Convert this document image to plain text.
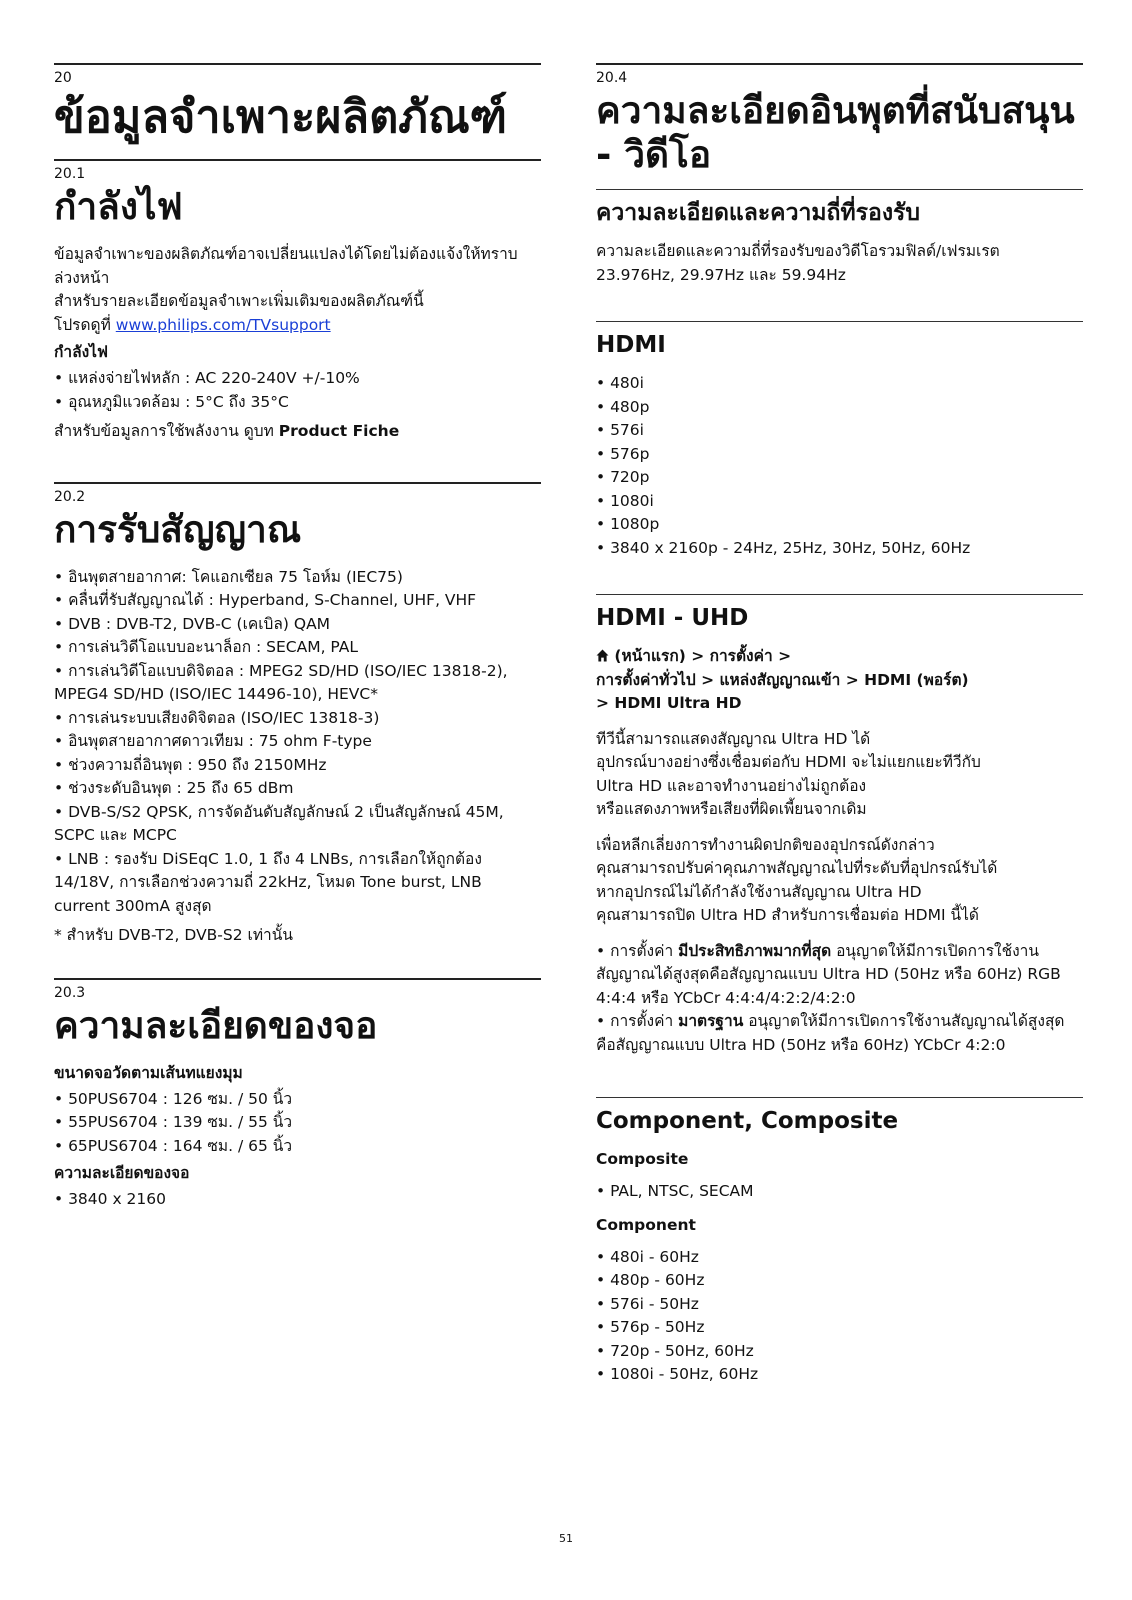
20
ข้อมูลจำเพาะผลิตภัณฑ์
20.1
กำลังไฟ

ข้อมูลจำเพาะของผลิตภัณฑ์อาจเปลี่ยนแปลงได้โดยไม่ต้องแจ้งให้ทราบล่วงหน้า

สำหรับรายละเอียดข้อมูลจำเพาะเพิ่มเติมของผลิตภัณฑ์นี้

โปรดดูที่ www.philips.com/TVsupport

กำลังไฟ
• แหล่งจ่ายไฟหลัก : AC 220-240V +/-10%
• อุณหภูมิแวดล้อม : 5°C ถึง 35°C

สำหรับข้อมูลการใช้พลังงาน ดูบท Product Fiche

20.2
การรับสัญญาณ
• อินพุตสายอากาศ: โคแอกเซียล 75 โอห์ม (IEC75)
• คลื่นที่รับสัญญาณได้ : Hyperband, S-Channel, UHF, VHF
• DVB : DVB-T2, DVB-C (เคเบิล) QAM
• การเล่นวิดีโอแบบอะนาล็อก : SECAM, PAL
• การเล่นวิดีโอแบบดิจิตอล : MPEG2 SD/HD (ISO/IEC 13818-2), MPEG4 SD/HD (ISO/IEC 14496-10), HEVC*
• การเล่นระบบเสียงดิจิตอล (ISO/IEC 13818-3)
• อินพุตสายอากาศดาวเทียม : 75 ohm F-type
• ช่วงความถี่อินพุต : 950 ถึง 2150MHz
• ช่วงระดับอินพุต : 25 ถึง 65 dBm
• DVB-S/S2 QPSK, การจัดอันดับสัญลักษณ์ 2 เป็นสัญลักษณ์ 45M, SCPC และ MCPC
• LNB : รองรับ DiSEqC 1.0, 1 ถึง 4 LNBs, การเลือกให้ถูกต้อง 14/18V, การเลือกช่วงความถี่ 22kHz, โหมด Tone burst, LNB current 300mA สูงสุด

* สำหรับ DVB-T2, DVB-S2 เท่านั้น

20.3
ความละเอียดของจอ
ขนาดจอวัดตามเส้นทแยงมุม
• 50PUS6704 : 126 ซม. / 50 นิ้ว
• 55PUS6704 : 139 ซม. / 55 นิ้ว
• 65PUS6704 : 164 ซม. / 65 นิ้ว
ความละเอียดของจอ
• 3840 x 2160
20.4
ความละเอียดอินพุตที่สนับสนุน - วิดีโอ
ความละเอียดและความถี่ที่รองรับ

ความละเอียดและความถี่ที่รองรับของวิดีโอรวมฟิลด์/เฟรมเรต

23.976Hz, 29.97Hz และ 59.94Hz

HDMI
• 480i
• 480p
• 576i
• 576p
• 720p
• 1080i
• 1080p
• 3840 x 2160p - 24Hz, 25Hz, 30Hz, 50Hz, 60Hz
HDMI - UHD

(หน้าแรก) > การตั้งค่า >
การตั้งค่าทั่วไป > แหล่งสัญญาณเข้า > HDMI (พอร์ต)
> HDMI Ultra HD

ทีวีนี้สามารถแสดงสัญญาณ Ultra HD ได้

อุปกรณ์บางอย่างซึ่งเชื่อมต่อกับ HDMI จะไม่แยกแยะทีวีกับ

Ultra HD และอาจทำงานอย่างไม่ถูกต้อง

หรือแสดงภาพหรือเสียงที่ผิดเพี้ยนจากเดิม

เพื่อหลีกเลี่ยงการทำงานผิดปกติของอุปกรณ์ดังกล่าว

คุณสามารถปรับค่าคุณภาพสัญญาณไปที่ระดับที่อุปกรณ์รับได้

หากอุปกรณ์ไม่ได้กำลังใช้งานสัญญาณ Ultra HD

คุณสามารถปิด Ultra HD สำหรับการเชื่อมต่อ HDMI นี้ได้

• การตั้งค่า มีประสิทธิภาพมากที่สุด อนุญาตให้มีการเปิดการใช้งานสัญญาณได้สูงสุดคือสัญญาณแบบ Ultra HD (50Hz หรือ 60Hz) RGB 4:4:4 หรือ YCbCr 4:4:4/4:2:2/4:2:0

• การตั้งค่า มาตรฐาน อนุญาตให้มีการเปิดการใช้งานสัญญาณได้สูงสุดคือสัญญาณแบบ Ultra HD (50Hz หรือ 60Hz) YCbCr 4:2:0

Component, Composite
Composite
• PAL, NTSC, SECAM
Component
• 480i - 60Hz
• 480p - 60Hz
• 576i - 50Hz
• 576p - 50Hz
• 720p - 50Hz, 60Hz
• 1080i - 50Hz, 60Hz
51
